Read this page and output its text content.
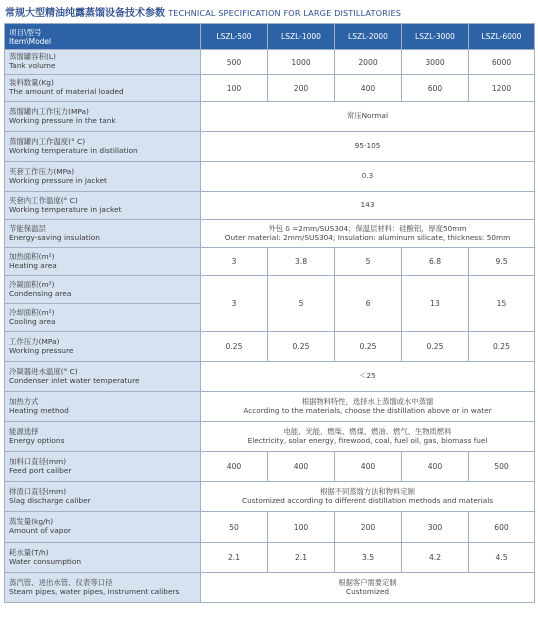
常规大型精油纯露蒸馏设备技术参数 TECHNICAL SPECIFICATION FOR LARGE DISTILLATORIES
项目\型号
Item\Model	LSZL-500	LSZL-1000	LSZL-2000	LSZL-3000	LSZL-6000
蒸馏罐容积(L)
Tank volume	500	1000	2000	3000	6000
装料数量(Kg)
The amount of material loaded	100	200	400	600	1200
蒸馏罐内工作压力(MPa)
Working pressure in the tank	常压Normal				
蒸馏罐内工作温度(° C)
Working temperature in distillation	95-105				
夹套工作压力(MPa)
Working pressure in jacket	0.3				
夹套内工作温度(° C)
Working temperature in jacket	143				
节能保温层
Energy-saving insulation	外包 δ =2mm/SUS304；保温层材料：硅酸铝，厚度50mm
Outer material: 2mm/SUS304; Insulation: aluminum silicate, thickness: 50mm				
加热面积(m²)
Heating area	3	3.8	5	6.8	9.5
冷凝面积(m²)
Condensing area	3	5	6	13	15
冷却面积(m²)
Cooling area					
工作压力(MPa)
Working pressure	0.25	0.25	0.25	0.25	0.25
冷凝器进水温度(° C)
Condenser inlet water temperature	＜25				
加热方式
Heating method	根据物料特性，选择水上蒸馏或水中蒸馏
According to the materials, choose the distillation above or in water				
能源选择
Energy options	电能、光能、燃柴、燃煤、燃油、燃气、生物质燃料
Electricity, solar energy, firewood, coal, fuel oil, gas, biomass fuel				
加料口直径(mm)
Feed port caliber	400	400	400	400	500
排渣口直径(mm)
Slag discharge caliber	根据不同蒸馏方法和物料定制
Customized according to different distillation methods and materials				
蒸发量(kg/h)
Amount of vapor	50	100	200	300	600
耗水量(T/h)
Water consumption	2.1	2.1	3.5	4.2	4.5
蒸汽管、进出水管、仪表等口径
Steam pipes, water pipes, instrument calibers	根据客户需要定制
Customized				
